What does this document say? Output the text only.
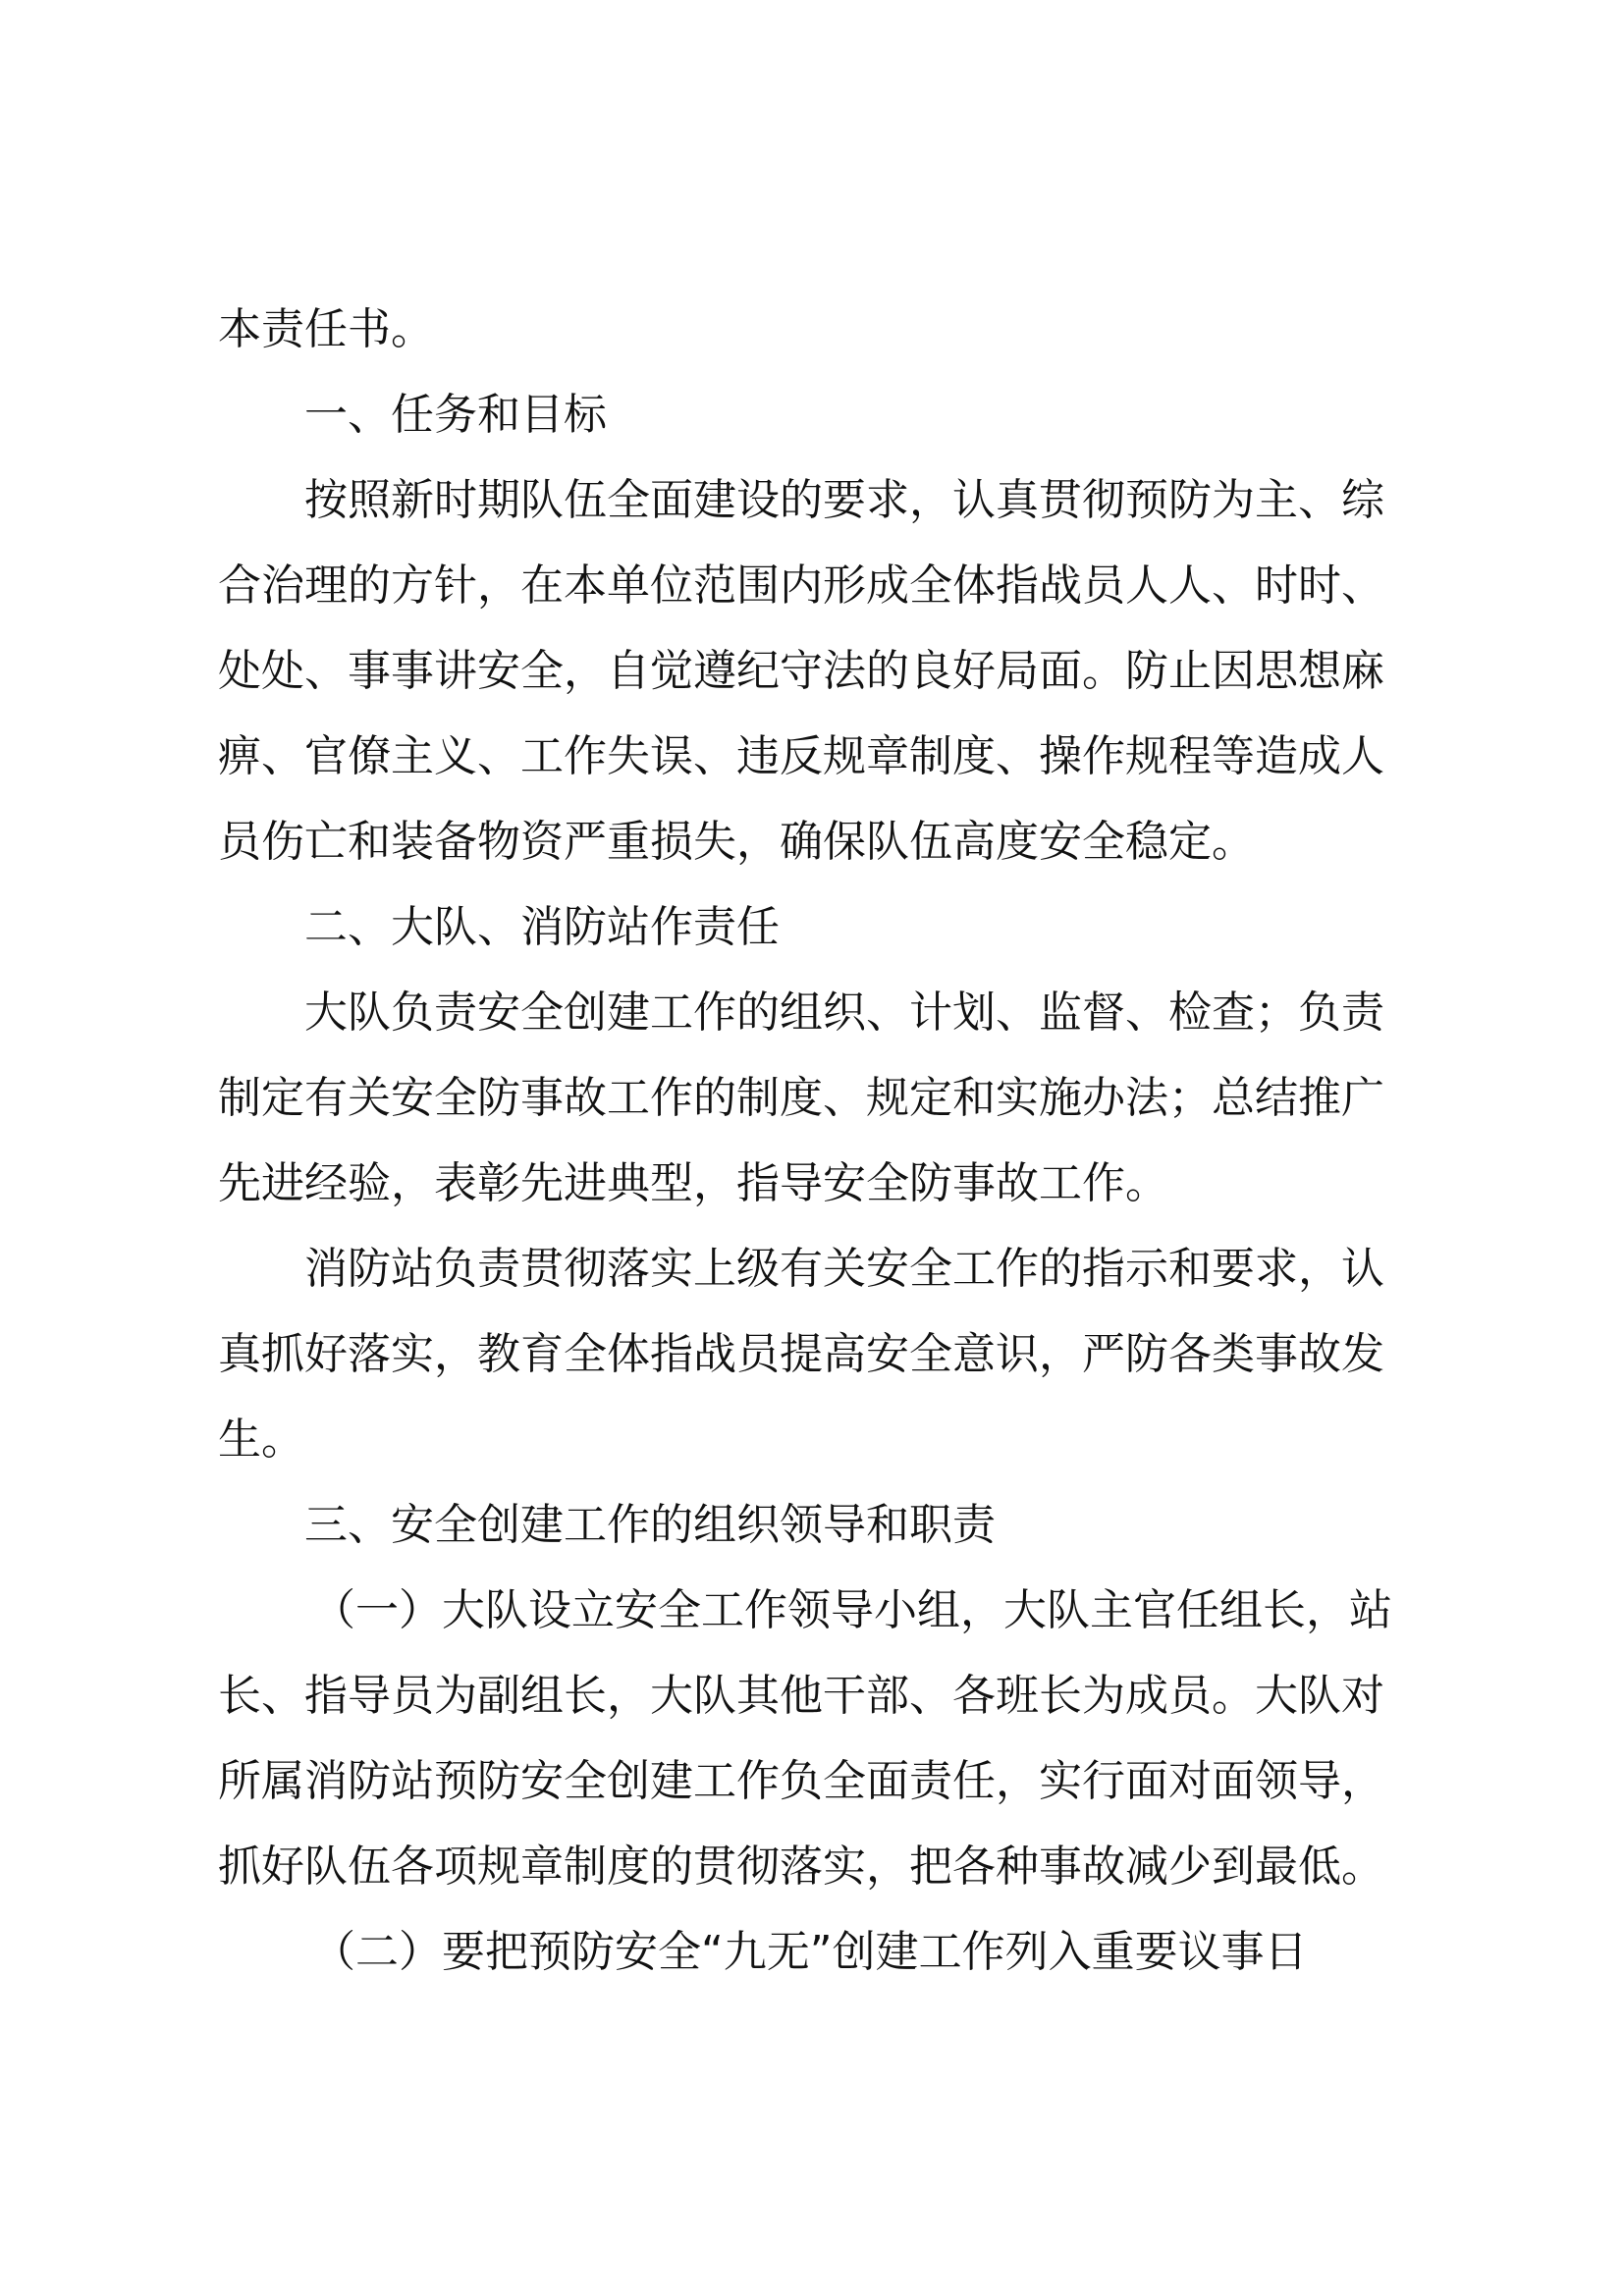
本责任书。
一、任务和目标
按照新时期队伍全面建设的要求，认真贯彻预防为主、综
合治理的方针，在本单位范围内形成全体指战员人人、时时、
处处、事事讲安全，自觉遵纪守法的良好局面。防止因思想麻
痹、官僚主义、工作失误、违反规章制度、操作规程等造成人
员伤亡和装备物资严重损失，确保队伍高度安全稳定。
二、大队、消防站作责任
大队负责安全创建工作的组织、计划、监督、检查；负责
制定有关安全防事故工作的制度、规定和实施办法；总结推广
先进经验，表彰先进典型，指导安全防事故工作。
消防站负责贯彻落实上级有关安全工作的指示和要求，认
真抓好落实，教育全体指战员提高安全意识，严防各类事故发
生。
三、安全创建工作的组织领导和职责
（一）大队设立安全工作领导小组，大队主官任组长，站
长、指导员为副组长，大队其他干部、各班长为成员。大队对
所属消防站预防安全创建工作负全面责任，实行面对面领导，
抓好队伍各项规章制度的贯彻落实，把各种事故减少到最低。
（二）要把预防安全“九无”创建工作列入重要议事日
